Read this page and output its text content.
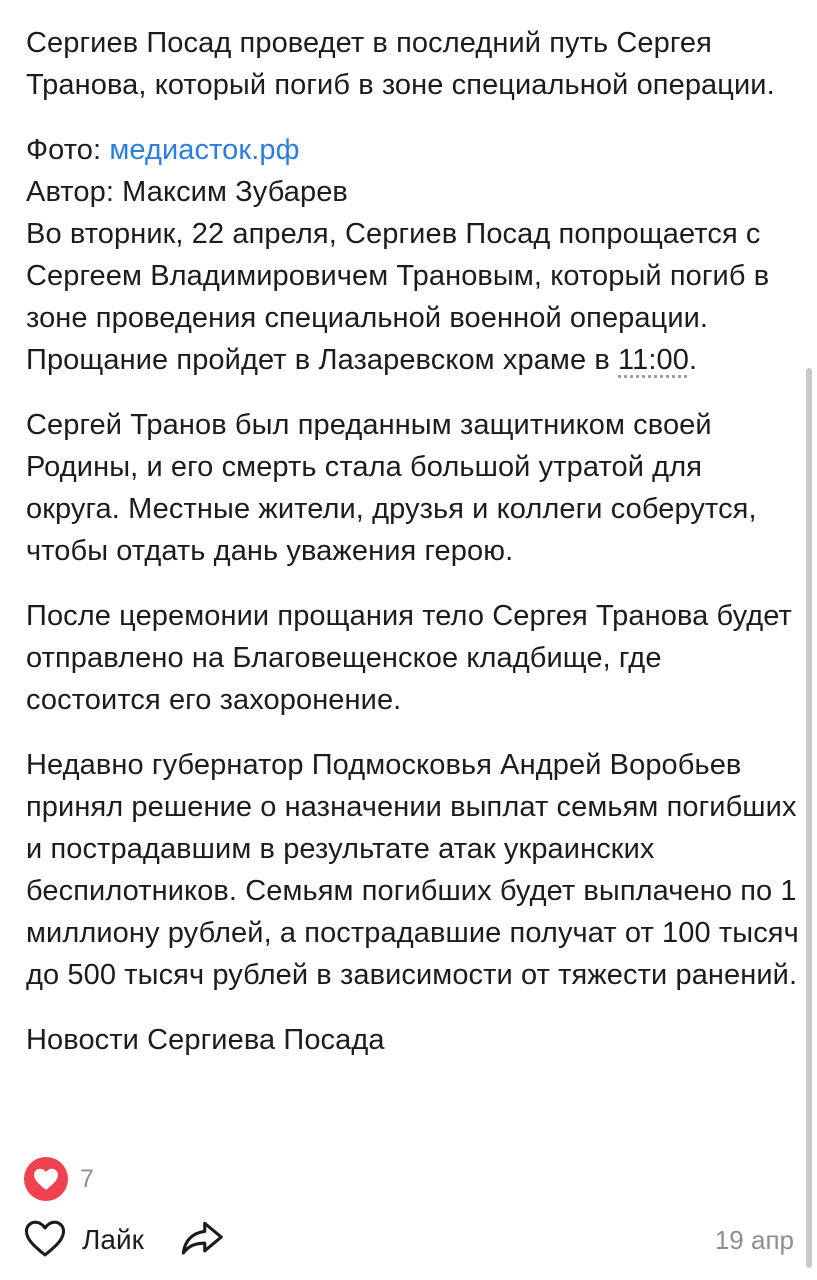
Сергиев Посад проведет в последний путь Сергея Транова, который погиб в зоне специальной операции.

Фото: медиасток.рф

Автор: Максим Зубарев

Во вторник, 22 апреля, Сергиев Посад попрощается с Сергеем Владимировичем Трановым, который погиб в зоне проведения специальной военной операции. Прощание пройдет в Лазаревском храме в 11:00.

Сергей Транов был преданным защитником своей Родины, и его смерть стала большой утратой для округа. Местные жители, друзья и коллеги соберутся, чтобы отдать дань уважения герою.

После церемонии прощания тело Сергея Транова будет отправлено на Благовещенское кладбище, где состоится его захоронение.

Недавно губернатор Подмосковья Андрей Воробьев принял решение о назначении выплат семьям погибших и пострадавшим в результате атак украинских беспилотников. Семьям погибших будет выплачено по 1 миллиону рублей, а пострадавшие получат от 100 тысяч до 500 тысяч рублей в зависимости от тяжести ранений.

Новости Сергиева Посада

7
Лайк	19 апр
